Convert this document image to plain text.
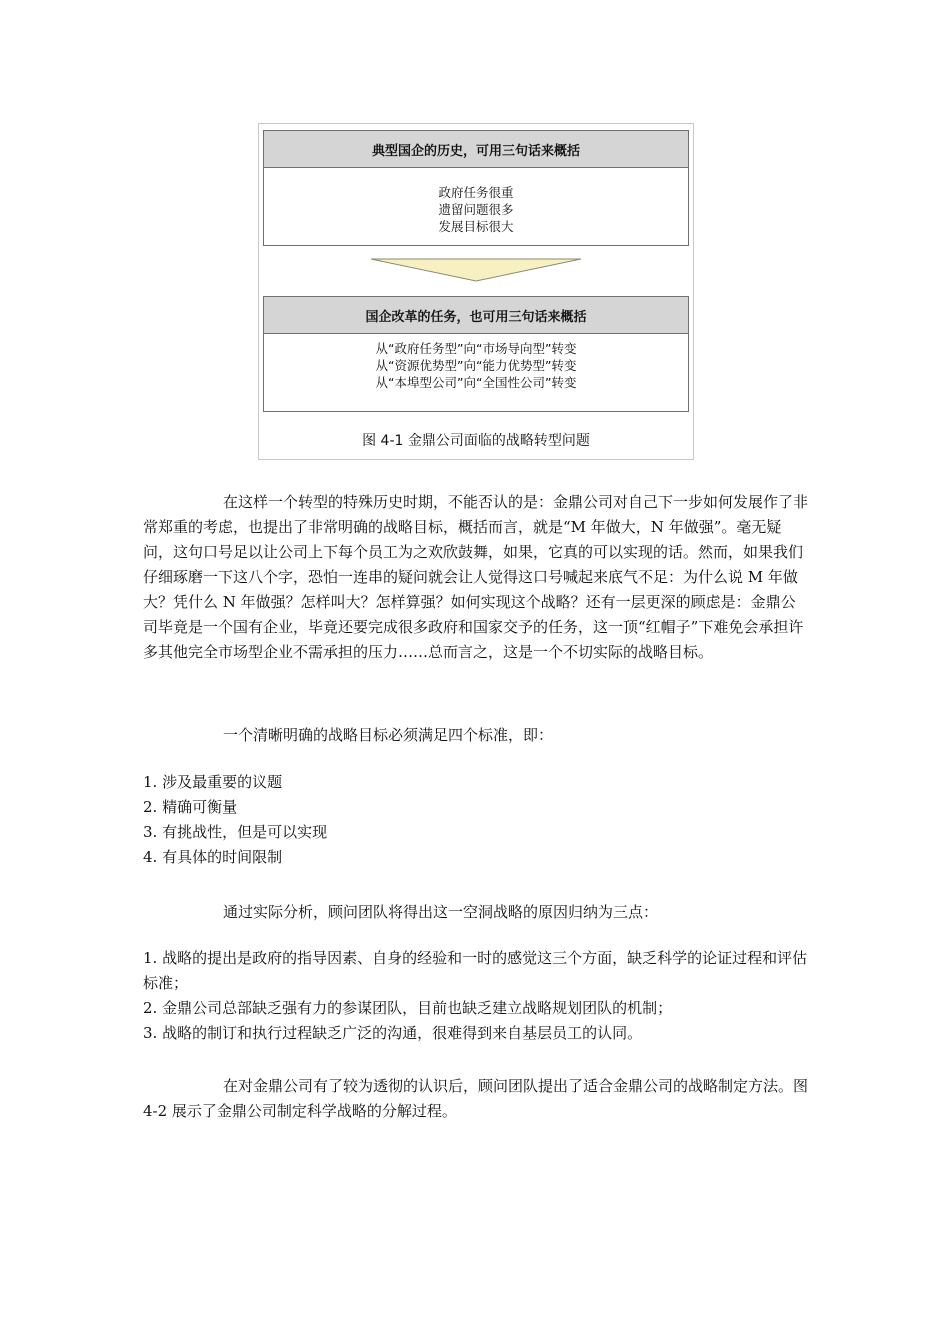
典型国企的历史，可用三句话来概括
政府任务很重
遗留问题很多
发展目标很大
国企改革的任务，也可用三句话来概括
从“政府任务型”向“市场导向型”转变
从“资源优势型”向“能力优势型”转变
从“本埠型公司”向“全国性公司”转变
图 4-1 金鼎公司面临的战略转型问题

在这样一个转型的特殊历史时期，不能否认的是：金鼎公司对自己下一步如何发展作了非常郑重的考虑，也提出了非常明确的战略目标，概括而言，就是“M 年做大，N 年做强”。毫无疑问，这句口号足以让公司上下每个员工为之欢欣鼓舞，如果，它真的可以实现的话。然而，如果我们仔细琢磨一下这八个字，恐怕一连串的疑问就会让人觉得这口号喊起来底气不足：为什么说 M 年做大？凭什么 N 年做强？怎样叫大？怎样算强？如何实现这个战略？还有一层更深的顾虑是：金鼎公司毕竟是一个国有企业，毕竟还要完成很多政府和国家交予的任务，这一顶“红帽子”下难免会承担许多其他完全市场型企业不需承担的压力……总而言之，这是一个不切实际的战略目标。

一个清晰明确的战略目标必须满足四个标准，即：

1. 涉及最重要的议题
2. 精确可衡量
3. 有挑战性，但是可以实现
4. 有具体的时间限制

通过实际分析，顾问团队将得出这一空洞战略的原因归纳为三点：

1. 战略的提出是政府的指导因素、自身的经验和一时的感觉这三个方面，缺乏科学的论证过程和评估标准；
2. 金鼎公司总部缺乏强有力的参谋团队，目前也缺乏建立战略规划团队的机制；
3. 战略的制订和执行过程缺乏广泛的沟通，很难得到来自基层员工的认同。

在对金鼎公司有了较为透彻的认识后，顾问团队提出了适合金鼎公司的战略制定方法。图 4-2 展示了金鼎公司制定科学战略的分解过程。
